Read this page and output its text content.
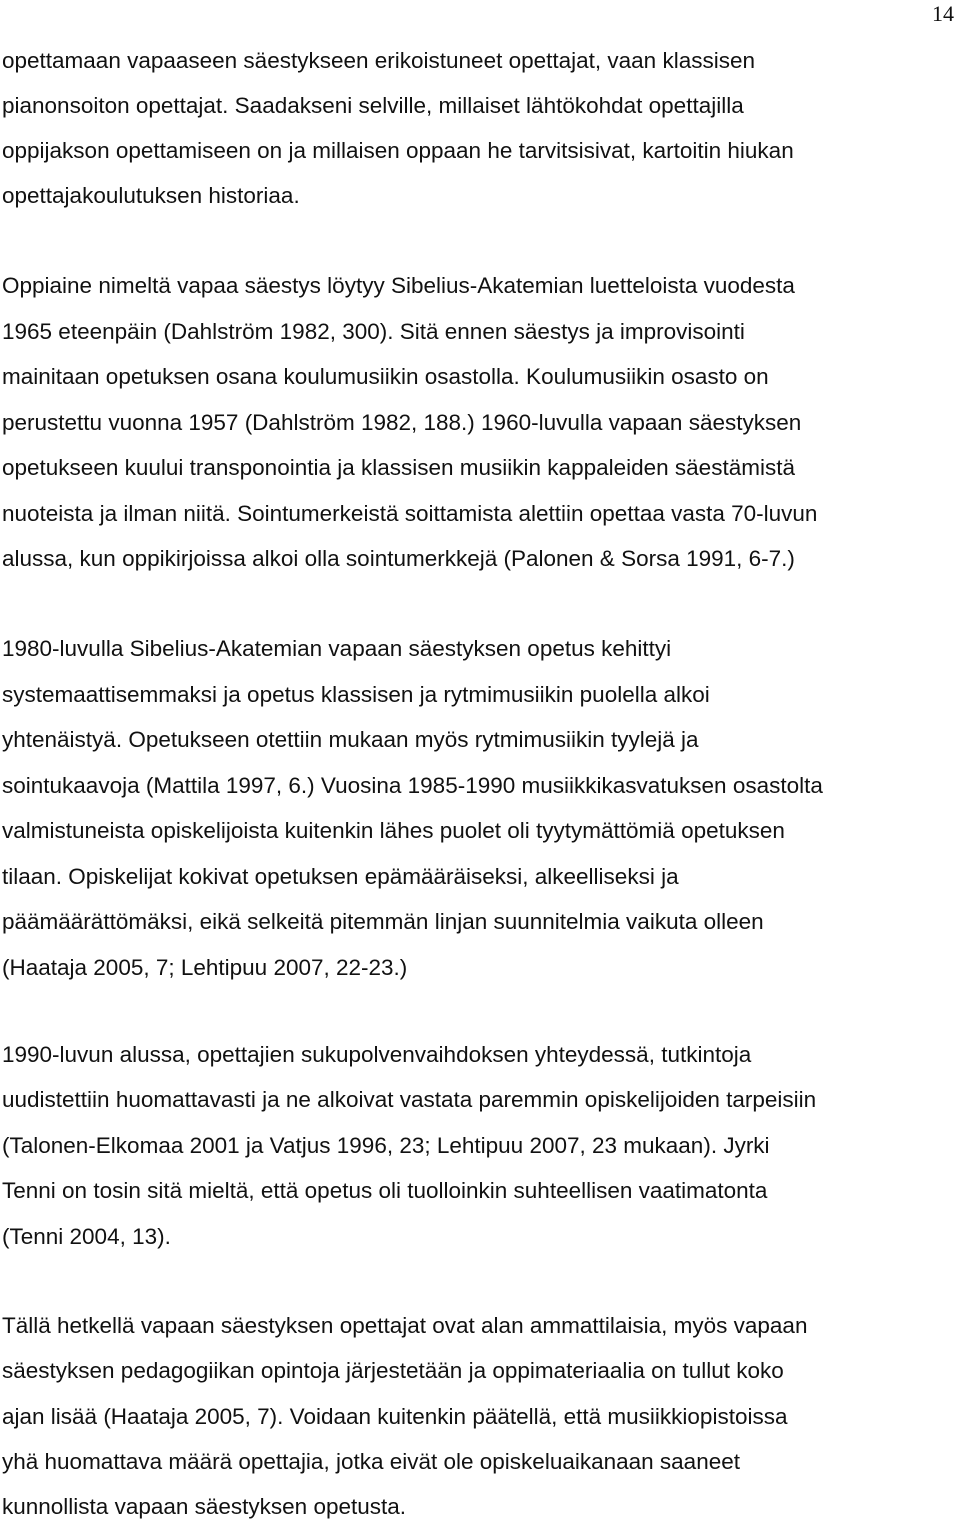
14

opettamaan vapaaseen säestykseen erikoistuneet opettajat, vaan klassisen
pianonsoiton opettajat. Saadakseni selville, millaiset lähtökohdat opettajilla
oppijakson opettamiseen on ja millaisen oppaan he tarvitsisivat, kartoitin hiukan
opettajakoulutuksen historiaa.

Oppiaine nimeltä vapaa säestys löytyy Sibelius-Akatemian luetteloista vuodesta
1965 eteenpäin (Dahlström 1982, 300). Sitä ennen säestys ja improvisointi
mainitaan opetuksen osana koulumusiikin osastolla. Koulumusiikin osasto on
perustettu vuonna 1957 (Dahlström 1982, 188.) 1960-luvulla vapaan säestyksen
opetukseen kuului transponointia ja klassisen musiikin kappaleiden säestämistä
nuoteista ja ilman niitä. Sointumerkeistä soittamista alettiin opettaa vasta 70-luvun
alussa, kun oppikirjoissa alkoi olla sointumerkkejä (Palonen & Sorsa 1991, 6-7.)

1980-luvulla Sibelius-Akatemian vapaan säestyksen opetus kehittyi
systemaattisemmaksi ja opetus klassisen ja rytmimusiikin puolella alkoi
yhtenäistyä. Opetukseen otettiin mukaan myös rytmimusiikin tyylejä ja
sointukaavoja (Mattila 1997, 6.) Vuosina 1985-1990 musiikkikasvatuksen osastolta
valmistuneista opiskelijoista kuitenkin lähes puolet oli tyytymättömiä opetuksen
tilaan. Opiskelijat kokivat opetuksen epämääräiseksi, alkeelliseksi ja
päämäärättömäksi, eikä selkeitä pitemmän linjan suunnitelmia vaikuta olleen
(Haataja 2005, 7; Lehtipuu 2007, 22-23.)

1990-luvun alussa, opettajien sukupolvenvaihdoksen yhteydessä, tutkintoja
uudistettiin huomattavasti ja ne alkoivat vastata paremmin opiskelijoiden tarpeisiin
(Talonen-Elkomaa 2001 ja Vatjus 1996, 23; Lehtipuu 2007, 23 mukaan). Jyrki
Tenni on tosin sitä mieltä, että opetus oli tuolloinkin suhteellisen vaatimatonta
(Tenni 2004, 13).

Tällä hetkellä vapaan säestyksen opettajat ovat alan ammattilaisia, myös vapaan
säestyksen pedagogiikan opintoja järjestetään ja oppimateriaalia on tullut koko
ajan lisää (Haataja 2005, 7). Voidaan kuitenkin päätellä, että musiikkiopistoissa
yhä huomattava määrä opettajia, jotka eivät ole opiskeluaikanaan saaneet
kunnollista vapaan säestyksen opetusta.
